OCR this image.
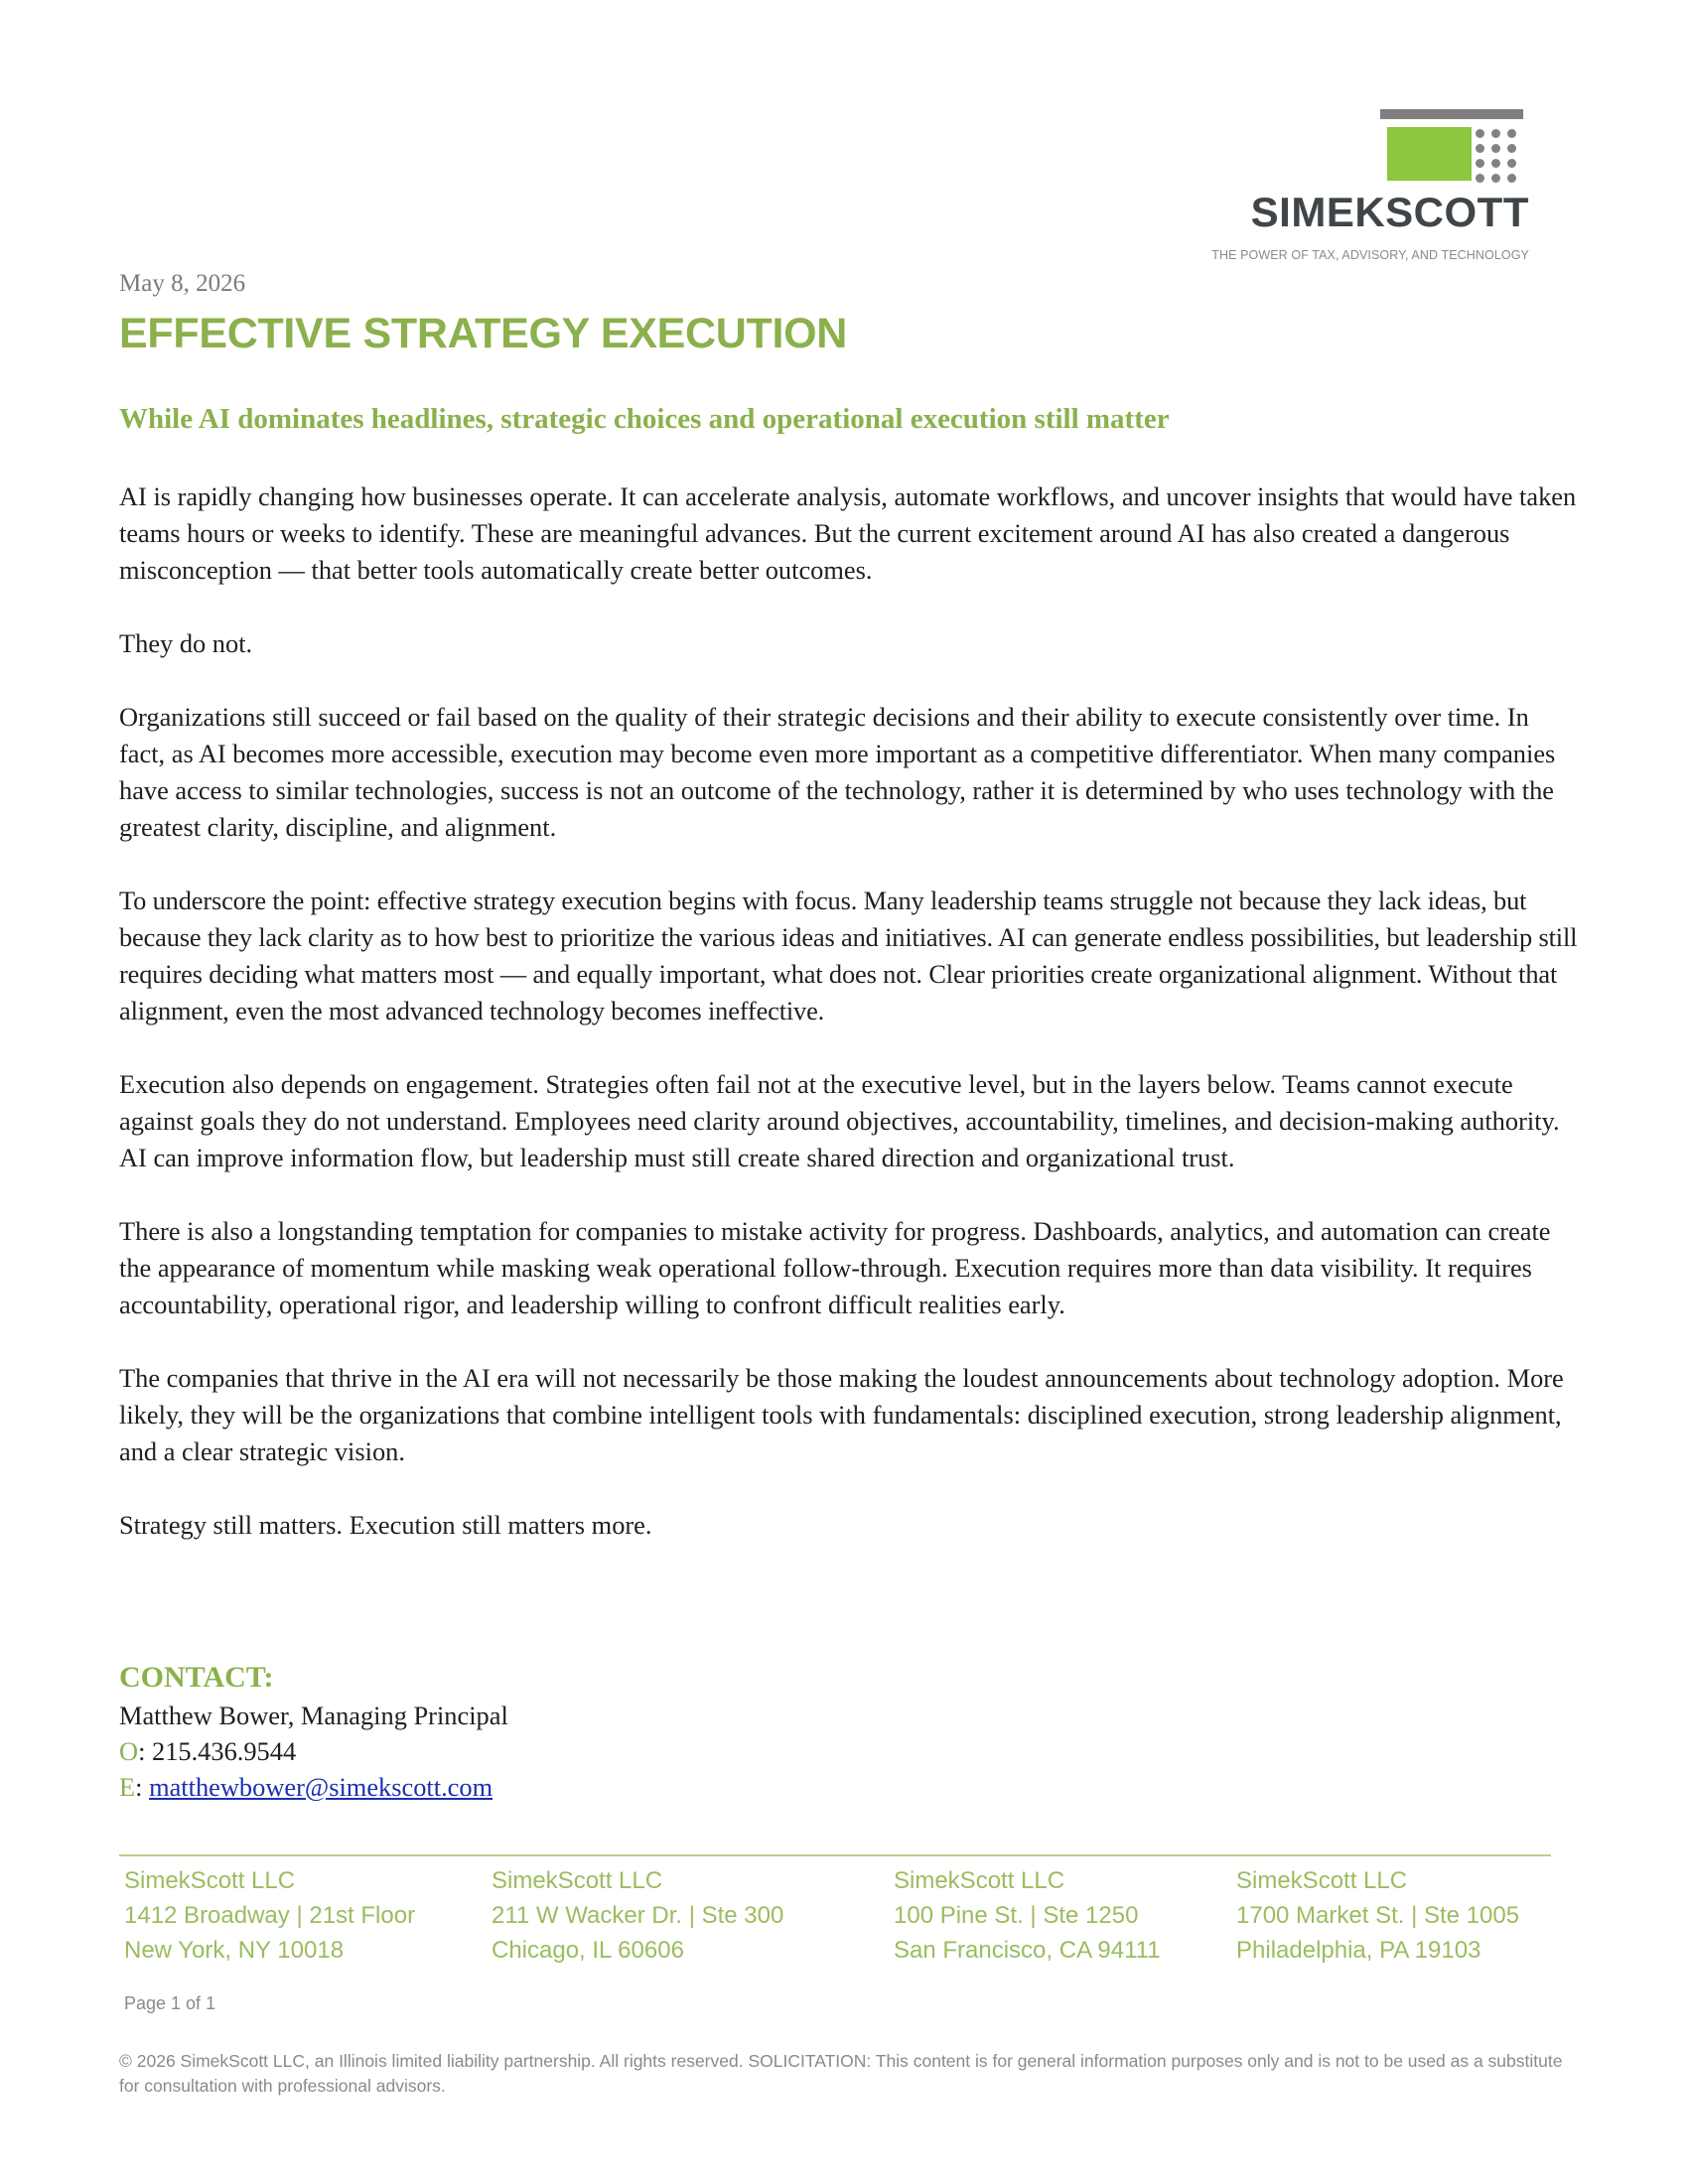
SIMEKSCOTT
THE POWER OF TAX, ADVISORY, AND TECHNOLOGY
May 8, 2026
EFFECTIVE STRATEGY EXECUTION
While AI dominates headlines, strategic choices and operational execution still matter

AI is rapidly changing how businesses operate. It can accelerate analysis, automate workflows, and uncover insights that would have taken teams hours or weeks to identify. These are meaningful advances. But the current excitement around AI has also created a dangerous misconception — that better tools automatically create better outcomes.

They do not.

Organizations still succeed or fail based on the quality of their strategic decisions and their ability to execute consistently over time. In fact, as AI becomes more accessible, execution may become even more important as a competitive differentiator. When many companies have access to similar technologies, success is not an outcome of the technology, rather it is determined by who uses technology with the greatest clarity, discipline, and alignment.

To underscore the point: effective strategy execution begins with focus. Many leadership teams struggle not because they lack ideas, but because they lack clarity as to how best to prioritize the various ideas and initiatives. AI can generate endless possibilities, but leadership still requires deciding what matters most — and equally important, what does not. Clear priorities create organizational alignment. Without that alignment, even the most advanced technology becomes ineffective.

Execution also depends on engagement. Strategies often fail not at the executive level, but in the layers below. Teams cannot execute against goals they do not understand. Employees need clarity around objectives, accountability, timelines, and decision-making authority. AI can improve information flow, but leadership must still create shared direction and organizational trust.

There is also a longstanding temptation for companies to mistake activity for progress. Dashboards, analytics, and automation can create the appearance of momentum while masking weak operational follow-through. Execution requires more than data visibility. It requires accountability, operational rigor, and leadership willing to confront difficult realities early.

The companies that thrive in the AI era will not necessarily be those making the loudest announcements about technology adoption. More likely, they will be the organizations that combine intelligent tools with fundamentals: disciplined execution, strong leadership alignment, and a clear strategic vision.

Strategy still matters. Execution still matters more.

CONTACT:
Matthew Bower, Managing Principal
O: 215.436.9544
E: matthewbower@simekscott.com
SimekScott LLC
1412 Broadway | 21st Floor
New York, NY 10018
SimekScott LLC
211 W Wacker Dr. | Ste 300
Chicago, IL 60606
SimekScott LLC
100 Pine St. | Ste 1250
San Francisco, CA 94111
SimekScott LLC
1700 Market St. | Ste 1005
Philadelphia, PA 19103
Page 1 of 1
© 2026 SimekScott LLC, an Illinois limited liability partnership. All rights reserved. SOLICITATION: This content is for general information purposes only and is not to be used as a substitute for consultation with professional advisors.
